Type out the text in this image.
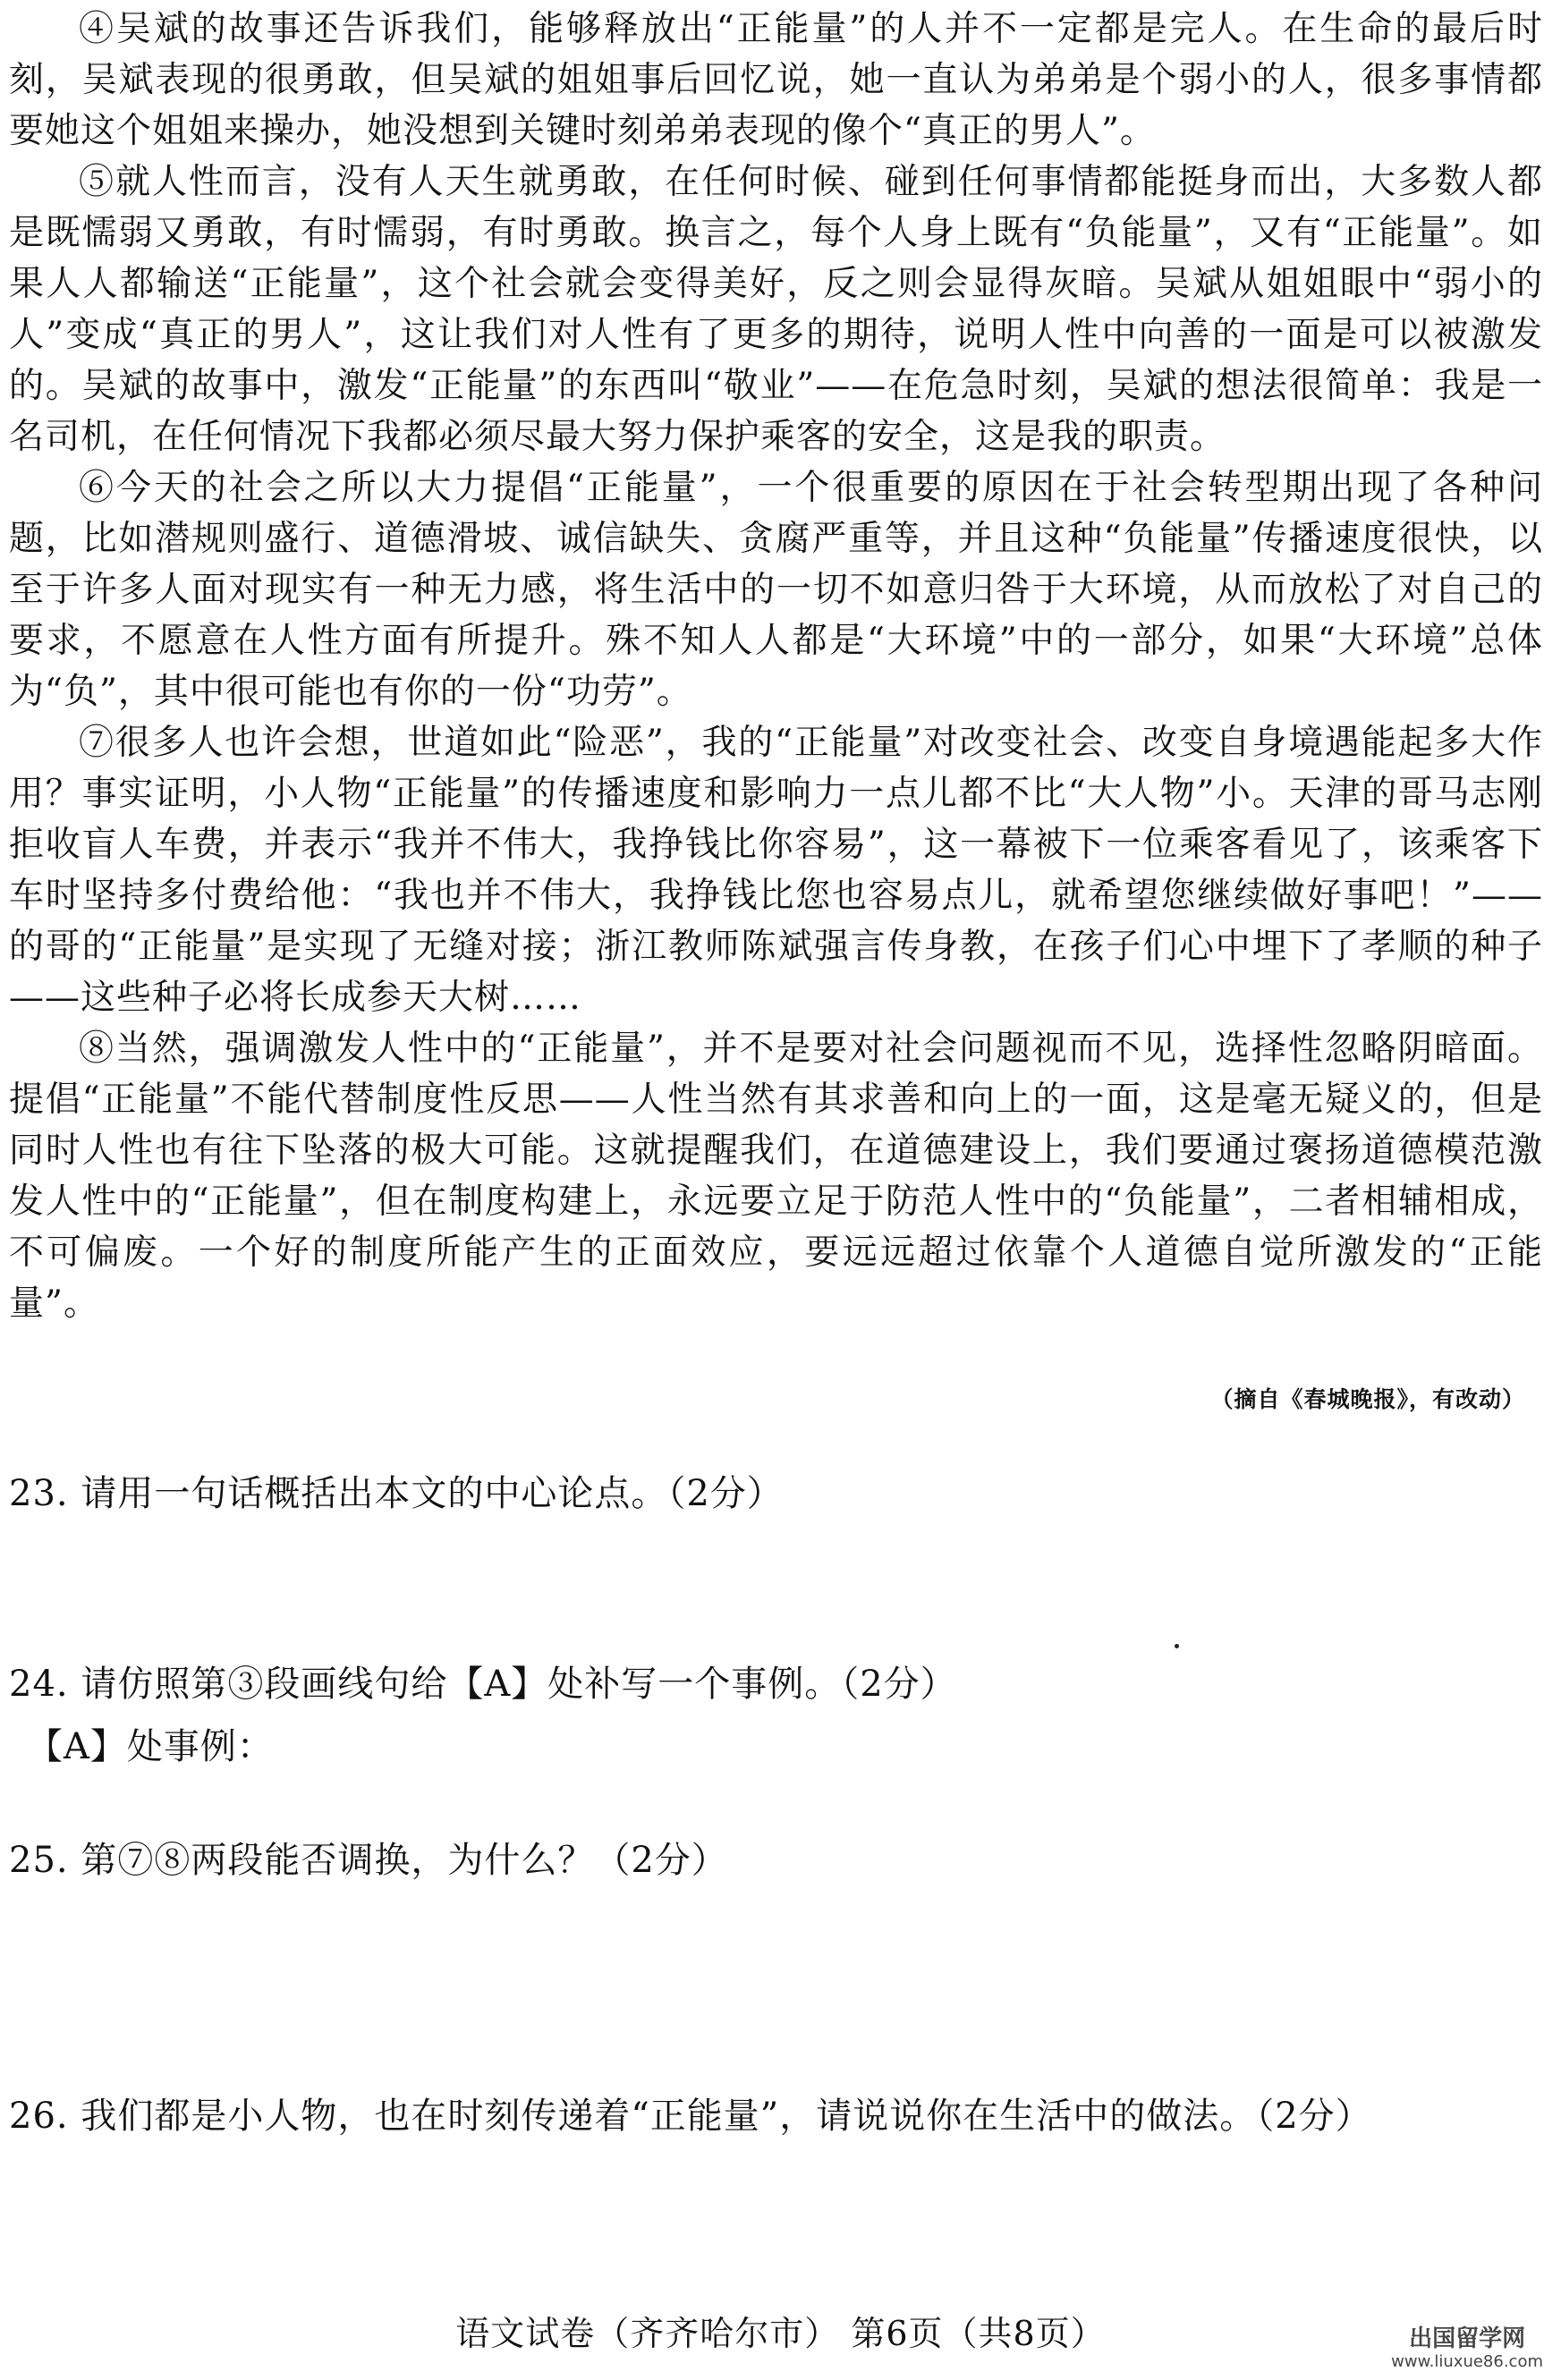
④吴斌的故事还告诉我们，能够释放出“正能量”的人并不一定都是完人。在生命的最后时刻，吴斌表现的很勇敢，但吴斌的姐姐事后回忆说，她一直认为弟弟是个弱小的人，很多事情都要她这个姐姐来操办，她没想到关键时刻弟弟表现的像个“真正的男人”。

⑤就人性而言，没有人天生就勇敢，在任何时候、碰到任何事情都能挺身而出，大多数人都是既懦弱又勇敢，有时懦弱，有时勇敢。换言之，每个人身上既有“负能量”，又有“正能量”。如果人人都输送“正能量”，这个社会就会变得美好，反之则会显得灰暗。吴斌从姐姐眼中“弱小的人”变成“真正的男人”，这让我们对人性有了更多的期待，说明人性中向善的一面是可以被激发的。吴斌的故事中，激发“正能量”的东西叫“敬业”——在危急时刻，吴斌的想法很简单：我是一名司机，在任何情况下我都必须尽最大努力保护乘客的安全，这是我的职责。

⑥今天的社会之所以大力提倡“正能量”，一个很重要的原因在于社会转型期出现了各种问题，比如潜规则盛行、道德滑坡、诚信缺失、贪腐严重等，并且这种“负能量”传播速度很快，以至于许多人面对现实有一种无力感，将生活中的一切不如意归咎于大环境，从而放松了对自己的要求，不愿意在人性方面有所提升。殊不知人人都是“大环境”中的一部分，如果“大环境”总体为“负”，其中很可能也有你的一份“功劳”。

⑦很多人也许会想，世道如此“险恶”，我的“正能量”对改变社会、改变自身境遇能起多大作用？事实证明，小人物“正能量”的传播速度和影响力一点儿都不比“大人物”小。天津的哥马志刚拒收盲人车费，并表示“我并不伟大，我挣钱比你容易”，这一幕被下一位乘客看见了，该乘客下车时坚持多付费给他：“我也并不伟大，我挣钱比您也容易点儿，就希望您继续做好事吧！”——的哥的“正能量”是实现了无缝对接；浙江教师陈斌强言传身教，在孩子们心中埋下了孝顺的种子——这些种子必将长成参天大树……

⑧当然，强调激发人性中的“正能量”，并不是要对社会问题视而不见，选择性忽略阴暗面。提倡“正能量”不能代替制度性反思——人性当然有其求善和向上的一面，这是毫无疑义的，但是同时人性也有往下坠落的极大可能。这就提醒我们，在道德建设上，我们要通过褒扬道德模范激发人性中的“正能量”，但在制度构建上，永远要立足于防范人性中的“负能量”，二者相辅相成，不可偏废。一个好的制度所能产生的正面效应，要远远超过依靠个人道德自觉所激发的“正能量”。

（摘自《春城晚报》，有改动）

23. 请用一句话概括出本文的中心论点。（2分）

24. 请仿照第③段画线句给【A】处补写一个事例。（2分）

【A】处事例：

25. 第⑦⑧两段能否调换，为什么？（2分）

26. 我们都是小人物，也在时刻传递着“正能量”，请说说你在生活中的做法。（2分）

语文试卷（齐齐哈尔市） 第6页（共8页）	出国留学网
www.liuxue86.com
